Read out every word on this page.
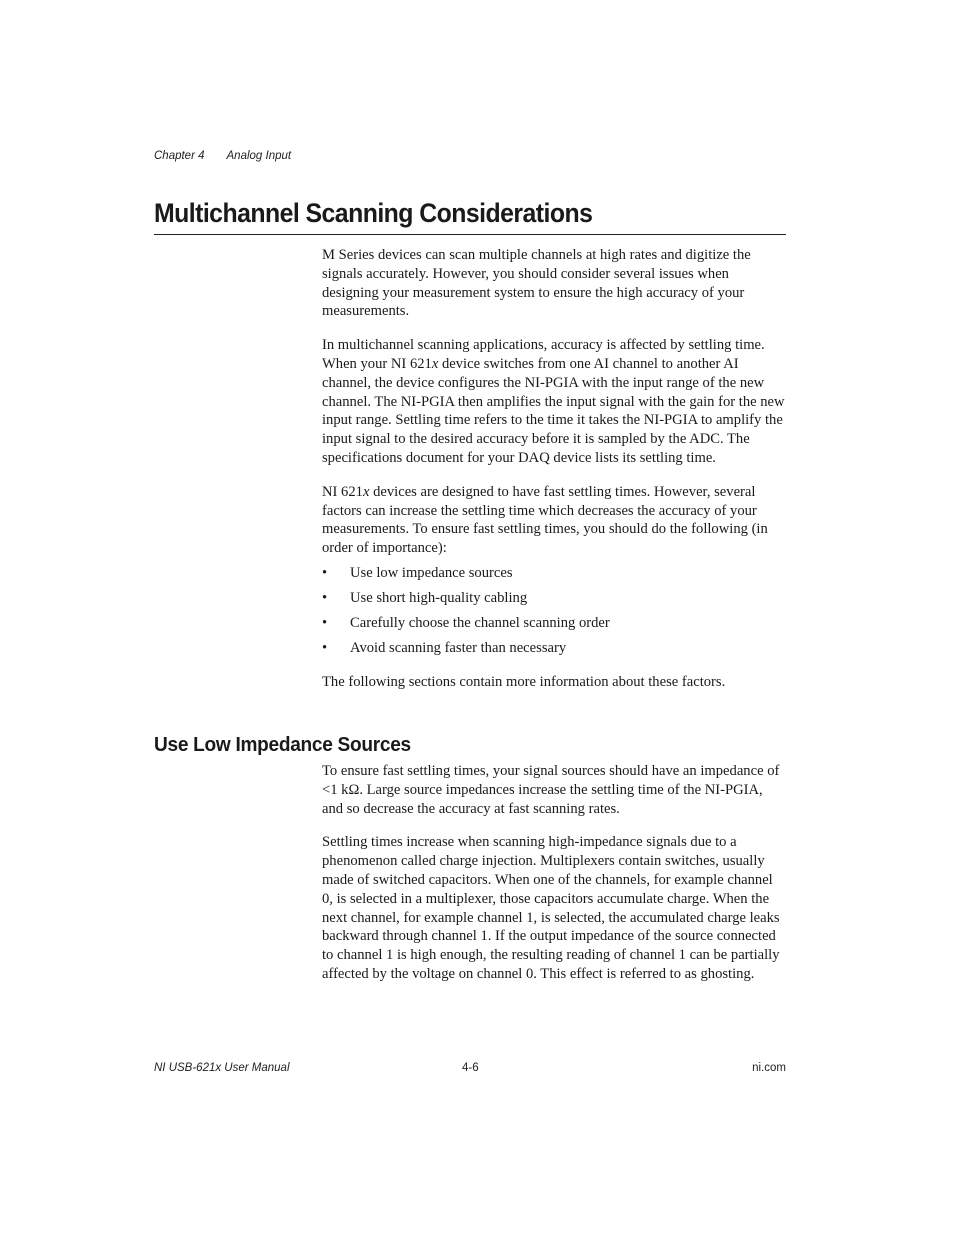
Chapter 4 Analog Input
Multichannel Scanning Considerations

M Series devices can scan multiple channels at high rates and digitize the signals accurately. However, you should consider several issues when designing your measurement system to ensure the high accuracy of your measurements.

In multichannel scanning applications, accuracy is affected by settling time. When your NI 621x device switches from one AI channel to another AI channel, the device configures the NI-PGIA with the input range of the new channel. The NI-PGIA then amplifies the input signal with the gain for the new input range. Settling time refers to the time it takes the NI-PGIA to amplify the input signal to the desired accuracy before it is sampled by the ADC. The specifications document for your DAQ device lists its settling time.

NI 621x devices are designed to have fast settling times. However, several factors can increase the settling time which decreases the accuracy of your measurements. To ensure fast settling times, you should do the following (in order of importance):

• Use low impedance sources
• Use short high-quality cabling
• Carefully choose the channel scanning order
• Avoid scanning faster than necessary

The following sections contain more information about these factors.

Use Low Impedance Sources

To ensure fast settling times, your signal sources should have an impedance of <1 kΩ. Large source impedances increase the settling time of the NI-PGIA, and so decrease the accuracy at fast scanning rates.

Settling times increase when scanning high-impedance signals due to a phenomenon called charge injection. Multiplexers contain switches, usually made of switched capacitors. When one of the channels, for example channel 0, is selected in a multiplexer, those capacitors accumulate charge. When the next channel, for example channel 1, is selected, the accumulated charge leaks backward through channel 1. If the output impedance of the source connected to channel 1 is high enough, the resulting reading of channel 1 can be partially affected by the voltage on channel 0. This effect is referred to as ghosting.

NI USB-621x User Manual	4-6	ni.com
